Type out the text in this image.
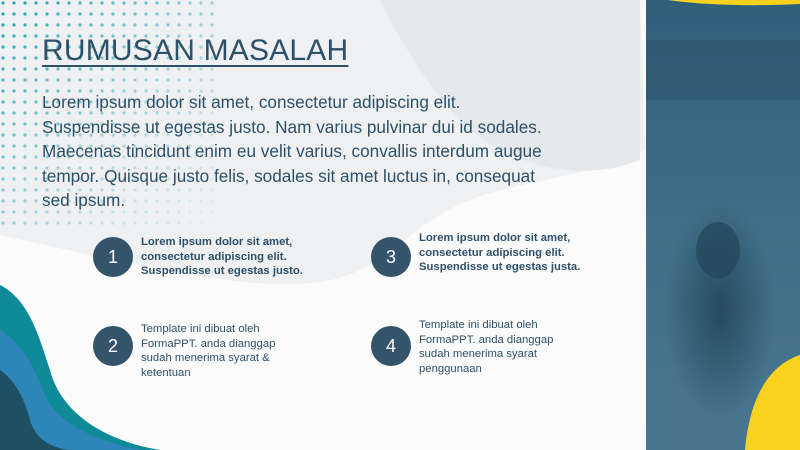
RUMUSAN MASALAH

Lorem ipsum dolor sit amet, consectetur adipiscing elit. Suspendisse ut egestas justo. Nam varius pulvinar dui id sodales. Maecenas tincidunt enim eu velit varius, convallis interdum augue tempor. Quisque justo felis, sodales sit amet luctus in, consequat sed ipsum.

1

Lorem ipsum dolor sit amet, consectetur adipiscing elit. Suspendisse ut egestas justo.

2

Template ini dibuat oleh FormaPPT. anda dianggap sudah menerima syarat & ketentuan

3

Lorem ipsum dolor sit amet, consectetur adipiscing elit. Suspendisse ut egestas justa.

4

Template ini dibuat oleh FormaPPT. anda dianggap sudah menerima syarat penggunaan
